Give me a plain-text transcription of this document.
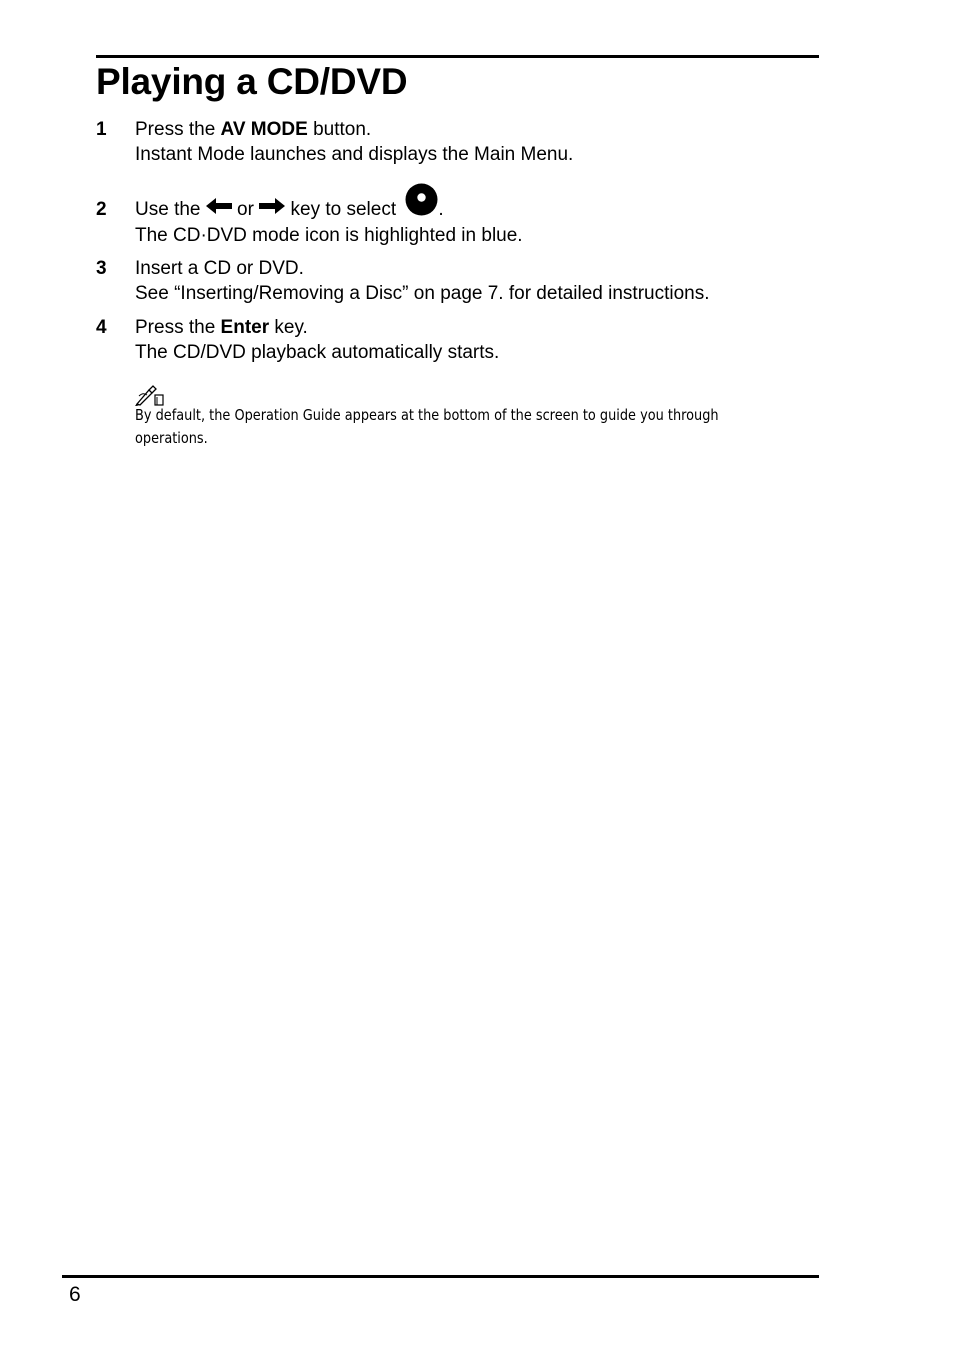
Playing a CD/DVD
1	Press the AV MODE button.
Instant Mode launches and displays the Main Menu.
2	Use the  or  key to select .
The CD·DVD mode icon is highlighted in blue.
3	Insert a CD or DVD.
See “Inserting/Removing a Disc” on page 7. for detailed instructions.
4	Press the Enter key.
The CD/DVD playback automatically starts.
By default, the Operation Guide appears at the bottom of the screen to guide you through
operations.
6
